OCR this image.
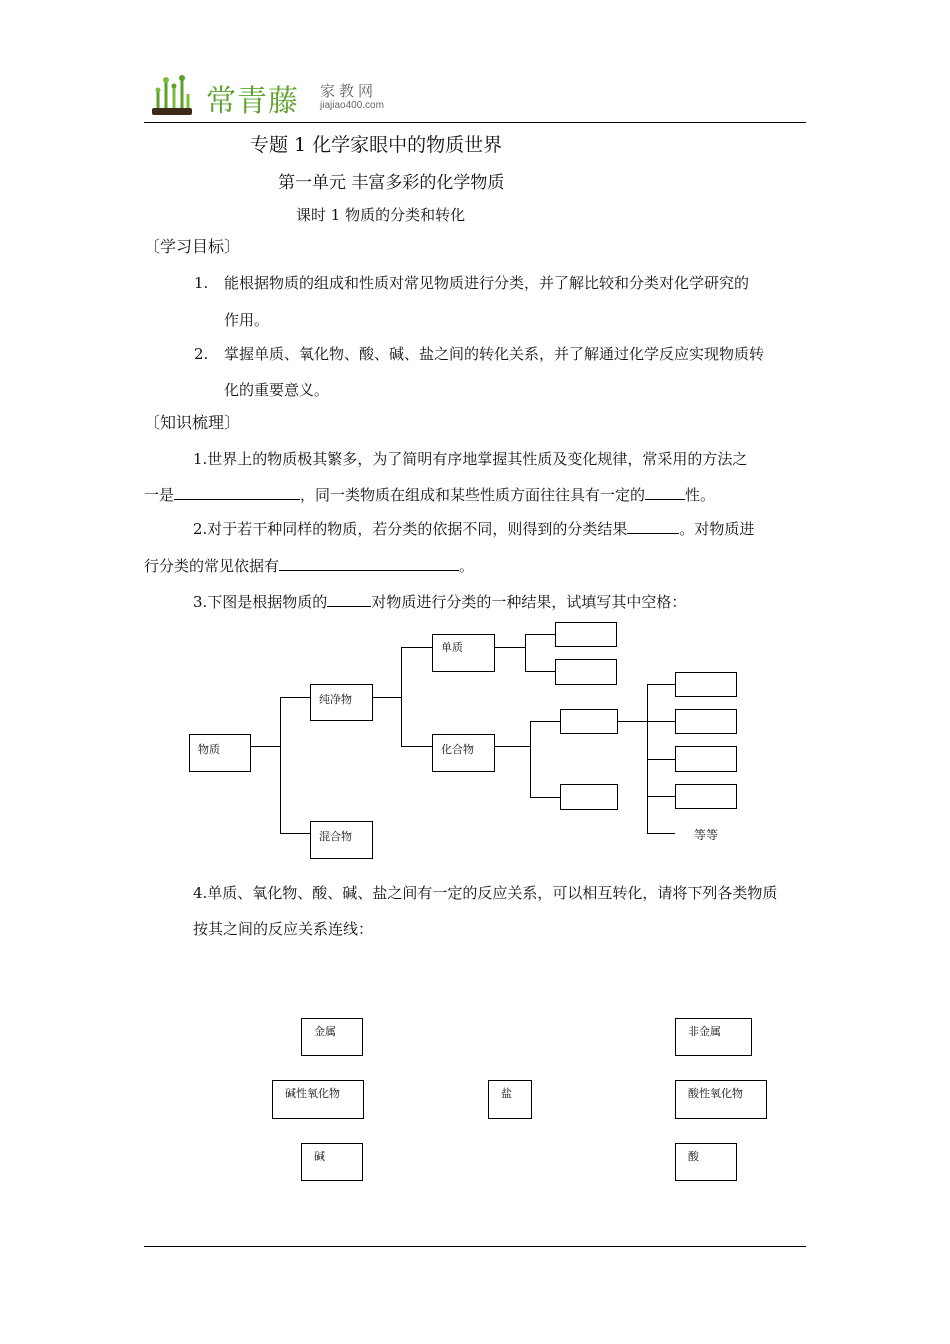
常青藤 家教网
jiajiao400.com
专题 1 化学家眼中的物质世界
第一单元 丰富多彩的化学物质
课时 1 物质的分类和转化
〔学习目标〕
1. 能根据物质的组成和性质对常见物质进行分类，并了解比较和分类对化学研究的
作用。
2. 掌握单质、氧化物、酸、碱、盐之间的转化关系，并了解通过化学反应实现物质转
化的重要意义。
〔知识梳理〕
1.世界上的物质极其繁多，为了简明有序地掌握其性质及变化规律，常采用的方法之
一是	，同一类物质在组成和某些性质方面往往具有一定的	性。
2.对于若干种同样的物质，若分类的依据不同，则得到的分类结果	。对物质进
行分类的常见依据有	。
3.下图是根据物质的	对物质进行分类的一种结果，试填写其中空格：
物质
纯净物
混合物
单质
化合物
等等
4.单质、氧化物、酸、碱、盐之间有一定的反应关系，可以相互转化，请将下列各类物质
按其之间的反应关系连线：
金属
碱性氧化物
碱
盐
非金属
酸性氧化物
酸
